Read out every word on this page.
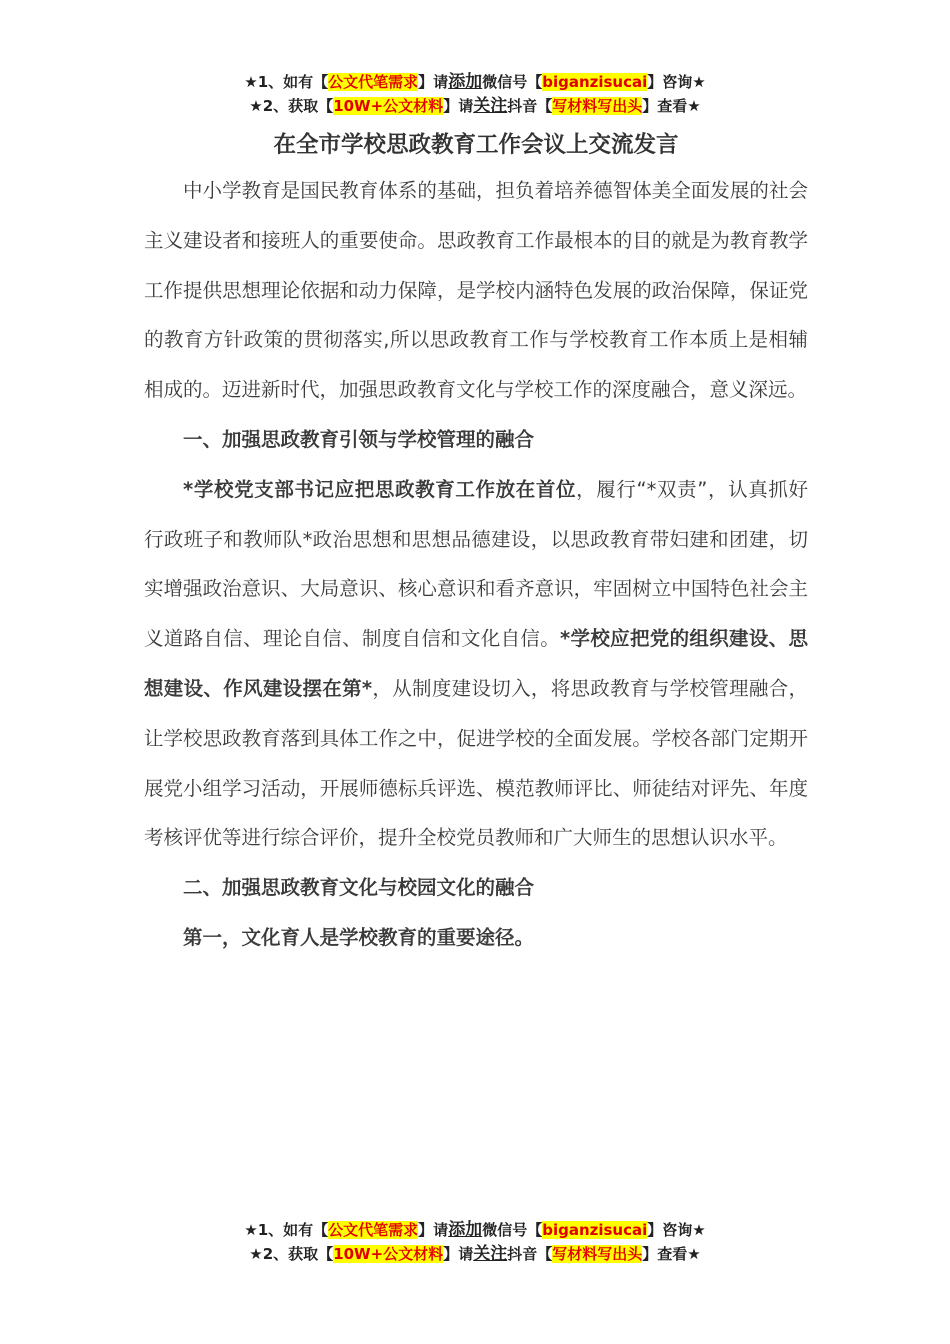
★1、如有【公文代笔需求】请添加微信号【biganzisucai】咨询★
★2、获取【10W+公文材料】请关注抖音【写材料写出头】查看★
在全市学校思政教育工作会议上交流发言

中小学教育是国民教育体系的基础，担负着培养德智体美全面发展的社会主义建设者和接班人的重要使命。思政教育工作最根本的目的就是为教育教学工作提供思想理论依据和动力保障，是学校内涵特色发展的政治保障，保证党的教育方针政策的贯彻落实,所以思政教育工作与学校教育工作本质上是相辅相成的。迈进新时代，加强思政教育文化与学校工作的深度融合，意义深远。

一、加强思政教育引领与学校管理的融合

*学校党支部书记应把思政教育工作放在首位，履行“*双责”，认真抓好行政班子和教师队*政治思想和思想品德建设，以思政教育带妇建和团建，切实增强政治意识、大局意识、核心意识和看齐意识，牢固树立中国特色社会主义道路自信、理论自信、制度自信和文化自信。*学校应把党的组织建设、思想建设、作风建设摆在第*，从制度建设切入，将思政教育与学校管理融合，让学校思政教育落到具体工作之中，促进学校的全面发展。学校各部门定期开展党小组学习活动，开展师德标兵评选、模范教师评比、师徒结对评先、年度考核评优等进行综合评价，提升全校党员教师和广大师生的思想认识水平。

二、加强思政教育文化与校园文化的融合

第一，文化育人是学校教育的重要途径。

★1、如有【公文代笔需求】请添加微信号【biganzisucai】咨询★
★2、获取【10W+公文材料】请关注抖音【写材料写出头】查看★
